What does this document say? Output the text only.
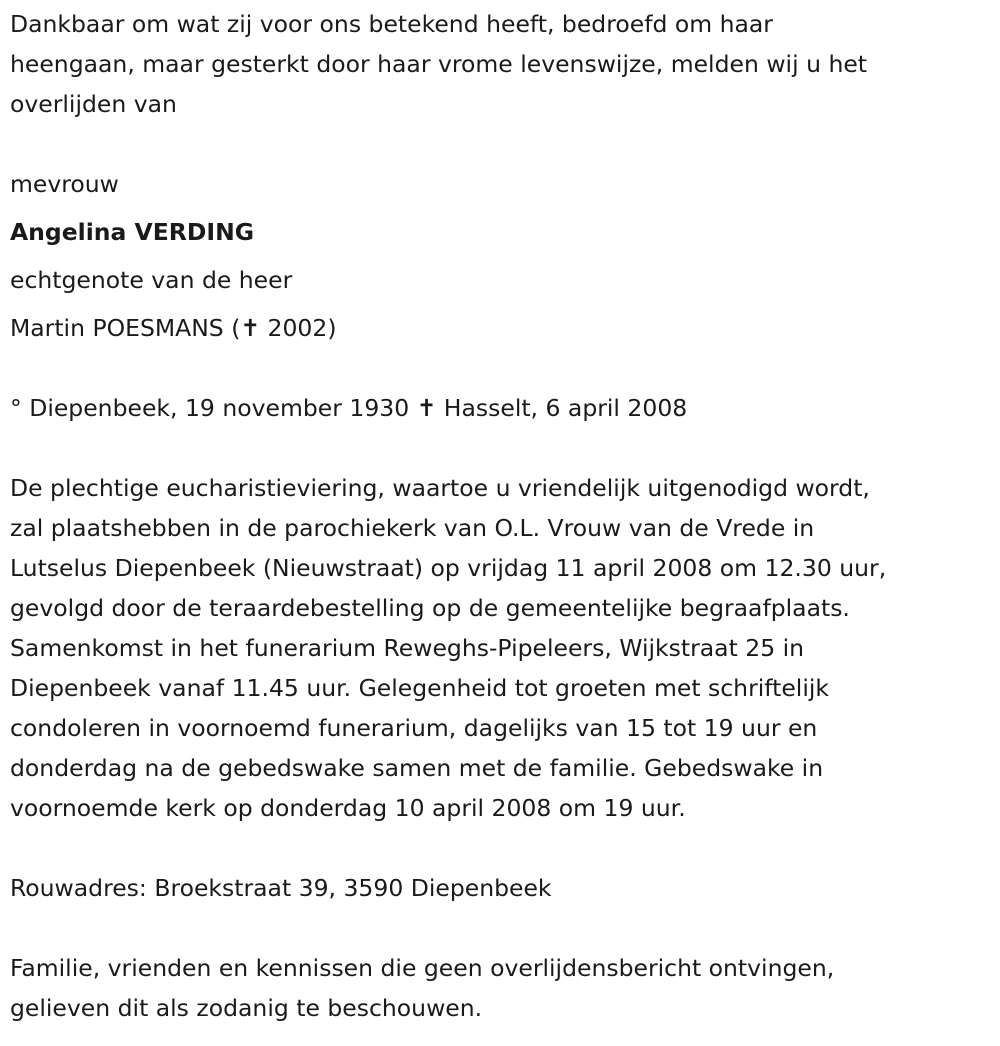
Dankbaar om wat zij voor ons betekend heeft, bedroefd om haar

heengaan, maar gesterkt door haar vrome levenswijze, melden wij u het

overlijden van

mevrouw

Angelina VERDING

echtgenote van de heer

Martin POESMANS (✝ 2002)

° Diepenbeek, 19 november 1930 ✝ Hasselt, 6 april 2008

De plechtige eucharistieviering, waartoe u vriendelijk uitgenodigd wordt,

zal plaatshebben in de parochiekerk van O.L. Vrouw van de Vrede in

Lutselus Diepenbeek (Nieuwstraat) op vrijdag 11 april 2008 om 12.30 uur,

gevolgd door de teraardebestelling op de gemeentelijke begraafplaats.

Samenkomst in het funerarium Reweghs-Pipeleers, Wijkstraat 25 in

Diepenbeek vanaf 11.45 uur. Gelegenheid tot groeten met schriftelijk

condoleren in voornoemd funerarium, dagelijks van 15 tot 19 uur en

donderdag na de gebedswake samen met de familie. Gebedswake in

voornoemde kerk op donderdag 10 april 2008 om 19 uur.

Rouwadres: Broekstraat 39, 3590 Diepenbeek

Familie, vrienden en kennissen die geen overlijdensbericht ontvingen,

gelieven dit als zodanig te beschouwen.
